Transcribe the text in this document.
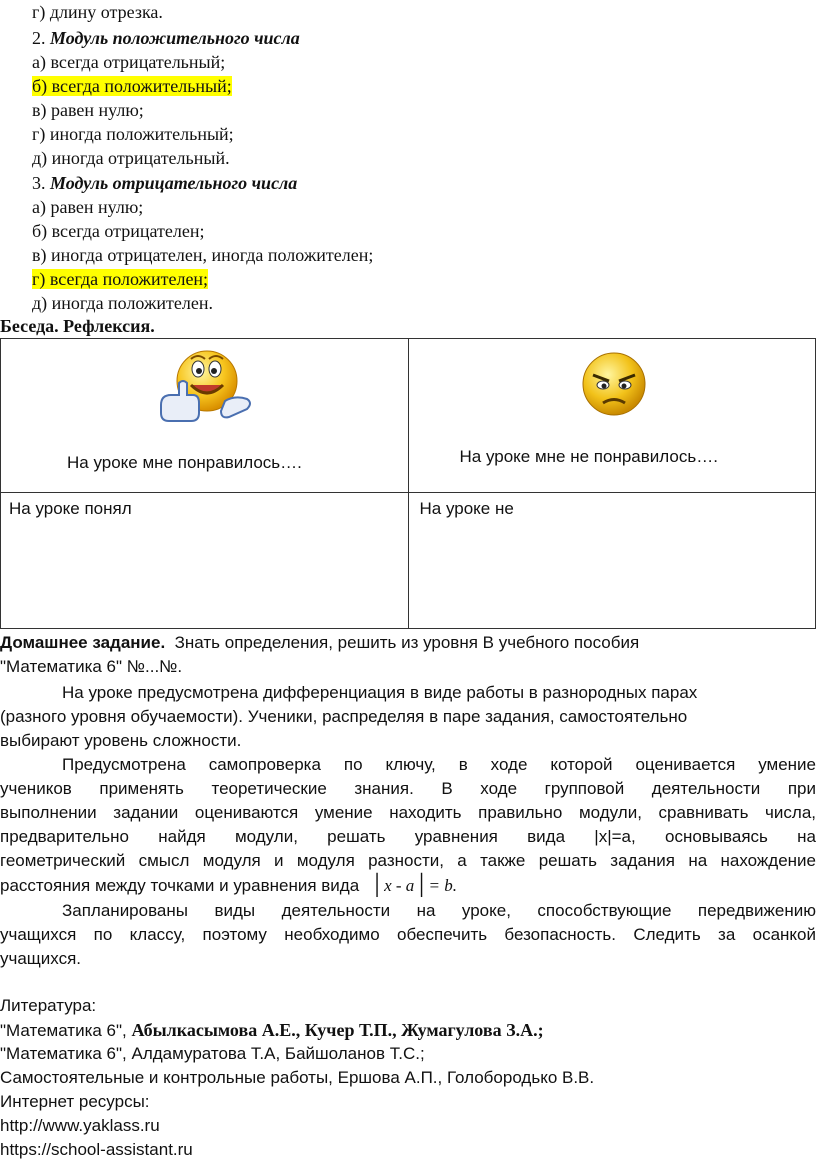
г) длину отрезка.
2. Модуль положительного числа
а) всегда отрицательный;
б) всегда положительный;
в) равен нулю;
г) иногда положительный;
д) иногда отрицательный.
3. Модуль отрицательного числа
а) равен нулю;
б) всегда отрицателен;
в) иногда отрицателен, иногда положителен;
г) всегда положителен;
д) иногда положителен.
Беседа. Рефлексия.
На уроке мне понравилось….	На уроке мне не понравилось….

На уроке понял	На уроке не
Домашнее задание. Знать определения, решить из уровня В учебного пособия
"Математика 6" №...№.
На уроке предусмотрена дифференциация в виде работы в разнородных парах
(разного уровня обучаемости). Ученики, распределяя в паре задания, самостоятельно
выбирают уровень сложности.
Предусмотрена самопроверка по ключу, в ходе которой оценивается умение
учеников применять теоретические знания. В ходе групповой деятельности при
выполнении задании оцениваются умение находить правильно модули, сравнивать числа,
предварительно найдя модули, решать уравнения вида |x|=a, основываясь на
геометрический смысл модуля и модуля разности, а также решать задания на нахождение
расстояния между точками и уравнения вида │x - a│= b.
Запланированы виды деятельности на уроке, способствующие передвижению
учащихся по классу, поэтому необходимо обеспечить безопасность. Следить за осанкой
учащихся.
Литература:
"Математика 6", Абылкасымова А.Е., Кучер Т.П., Жумагулова З.А.;
"Математика 6", Алдамуратова Т.А, Байшоланов Т.С.;
Самостоятельные и контрольные работы, Ершова А.П., Голобородько В.В.
Интернет ресурсы:
http://www.yaklass.ru
https://school-assistant.ru
